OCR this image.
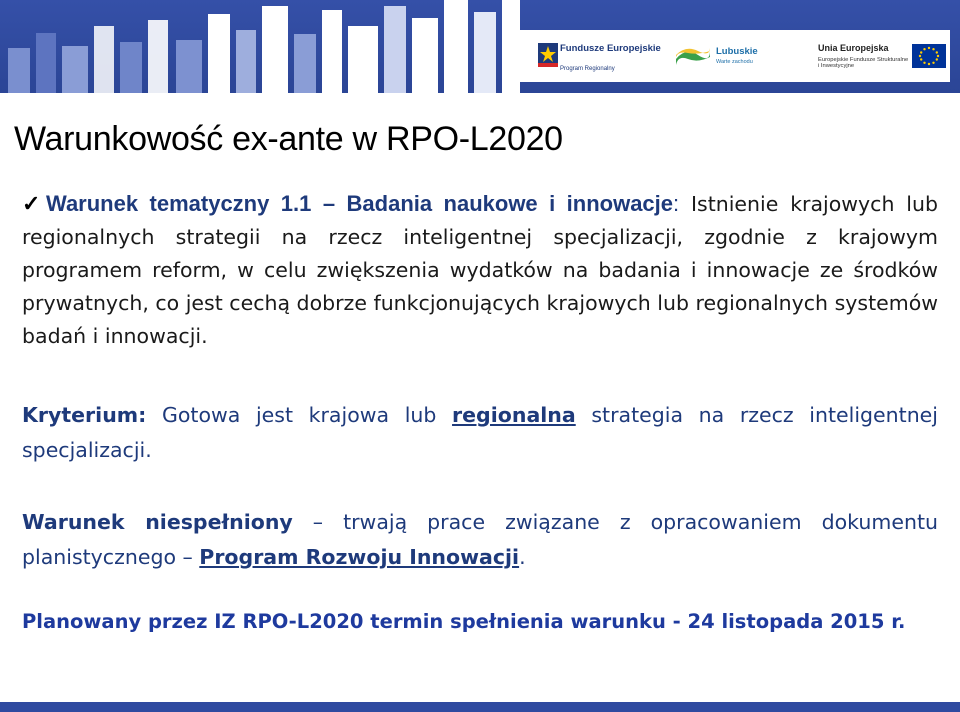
Fundusze Europejskie
Program Regionalny
Lubuskie
Warte zachodu
Unia Europejska
Europejskie Fundusze Strukturalne i Inwestycyjne
Warunkowość ex-ante w RPO-L2020

✓ Warunek tematyczny 1.1 – Badania naukowe i innowacje: Istnienie krajowych lub regionalnych strategii na rzecz inteligentnej specjalizacji, zgodnie z krajowym programem reform, w celu zwiększenia wydatków na badania i innowacje ze środków prywatnych, co jest cechą dobrze funkcjonujących krajowych lub regionalnych systemów badań i innowacji.

Kryterium: Gotowa jest krajowa lub regionalna strategia na rzecz inteligentnej specjalizacji.

Warunek niespełniony – trwają prace związane z opracowaniem dokumentu planistycznego – Program Rozwoju Innowacji.

Planowany przez IZ RPO-L2020 termin spełnienia warunku - 24 listopada 2015 r.
